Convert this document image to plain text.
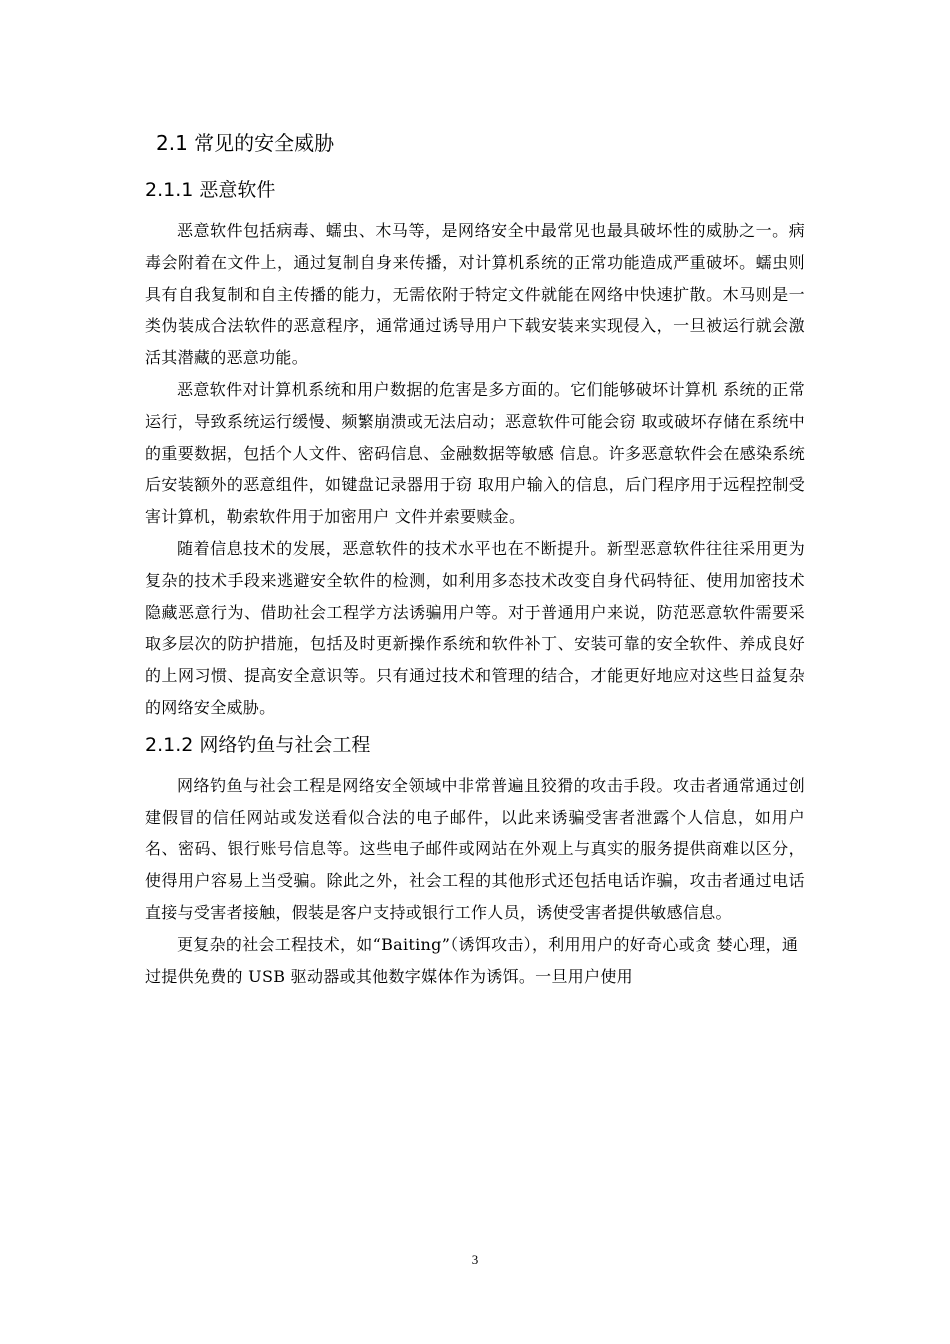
2.1 常见的安全威胁
2.1.1 恶意软件

恶意软件包括病毒、蠕虫、木马等，是网络安全中最常见也最具破坏性的威胁之一。病毒会附着在文件上，通过复制自身来传播，对计算机系统的正常功能造成严重破坏。蠕虫则具有自我复制和自主传播的能力，无需依附于特定文件就能在网络中快速扩散。木马则是一类伪装成合法软件的恶意程序，通常通过诱导用户下载安装来实现侵入，一旦被运行就会激活其潜藏的恶意功能。

恶意软件对计算机系统和用户数据的危害是多方面的。它们能够破坏计算机 系统的正常运行，导致系统运行缓慢、频繁崩溃或无法启动；恶意软件可能会窃 取或破坏存储在系统中的重要数据，包括个人文件、密码信息、金融数据等敏感 信息。许多恶意软件会在感染系统后安装额外的恶意组件，如键盘记录器用于窃 取用户输入的信息，后门程序用于远程控制受害计算机，勒索软件用于加密用户 文件并索要赎金。

随着信息技术的发展，恶意软件的技术水平也在不断提升。新型恶意软件往往采用更为复杂的技术手段来逃避安全软件的检测，如利用多态技术改变自身代码特征、使用加密技术隐藏恶意行为、借助社会工程学方法诱骗用户等。对于普通用户来说，防范恶意软件需要采取多层次的防护措施，包括及时更新操作系统和软件补丁、安装可靠的安全软件、养成良好的上网习惯、提高安全意识等。只有通过技术和管理的结合，才能更好地应对这些日益复杂的网络安全威胁。

2.1.2 网络钓鱼与社会工程

网络钓鱼与社会工程是网络安全领域中非常普遍且狡猾的攻击手段。攻击者通常通过创建假冒的信任网站或发送看似合法的电子邮件，以此来诱骗受害者泄露个人信息，如用户名、密码、银行账号信息等。这些电子邮件或网站在外观上与真实的服务提供商难以区分，使得用户容易上当受骗。除此之外，社会工程的其他形式还包括电话诈骗，攻击者通过电话直接与受害者接触，假装是客户支持或银行工作人员，诱使受害者提供敏感信息。

更复杂的社会工程技术，如“Baiting”（诱饵攻击），利用用户的好奇心或贪 婪心理，通过提供免费的 USB 驱动器或其他数字媒体作为诱饵。一旦用户使用

3
